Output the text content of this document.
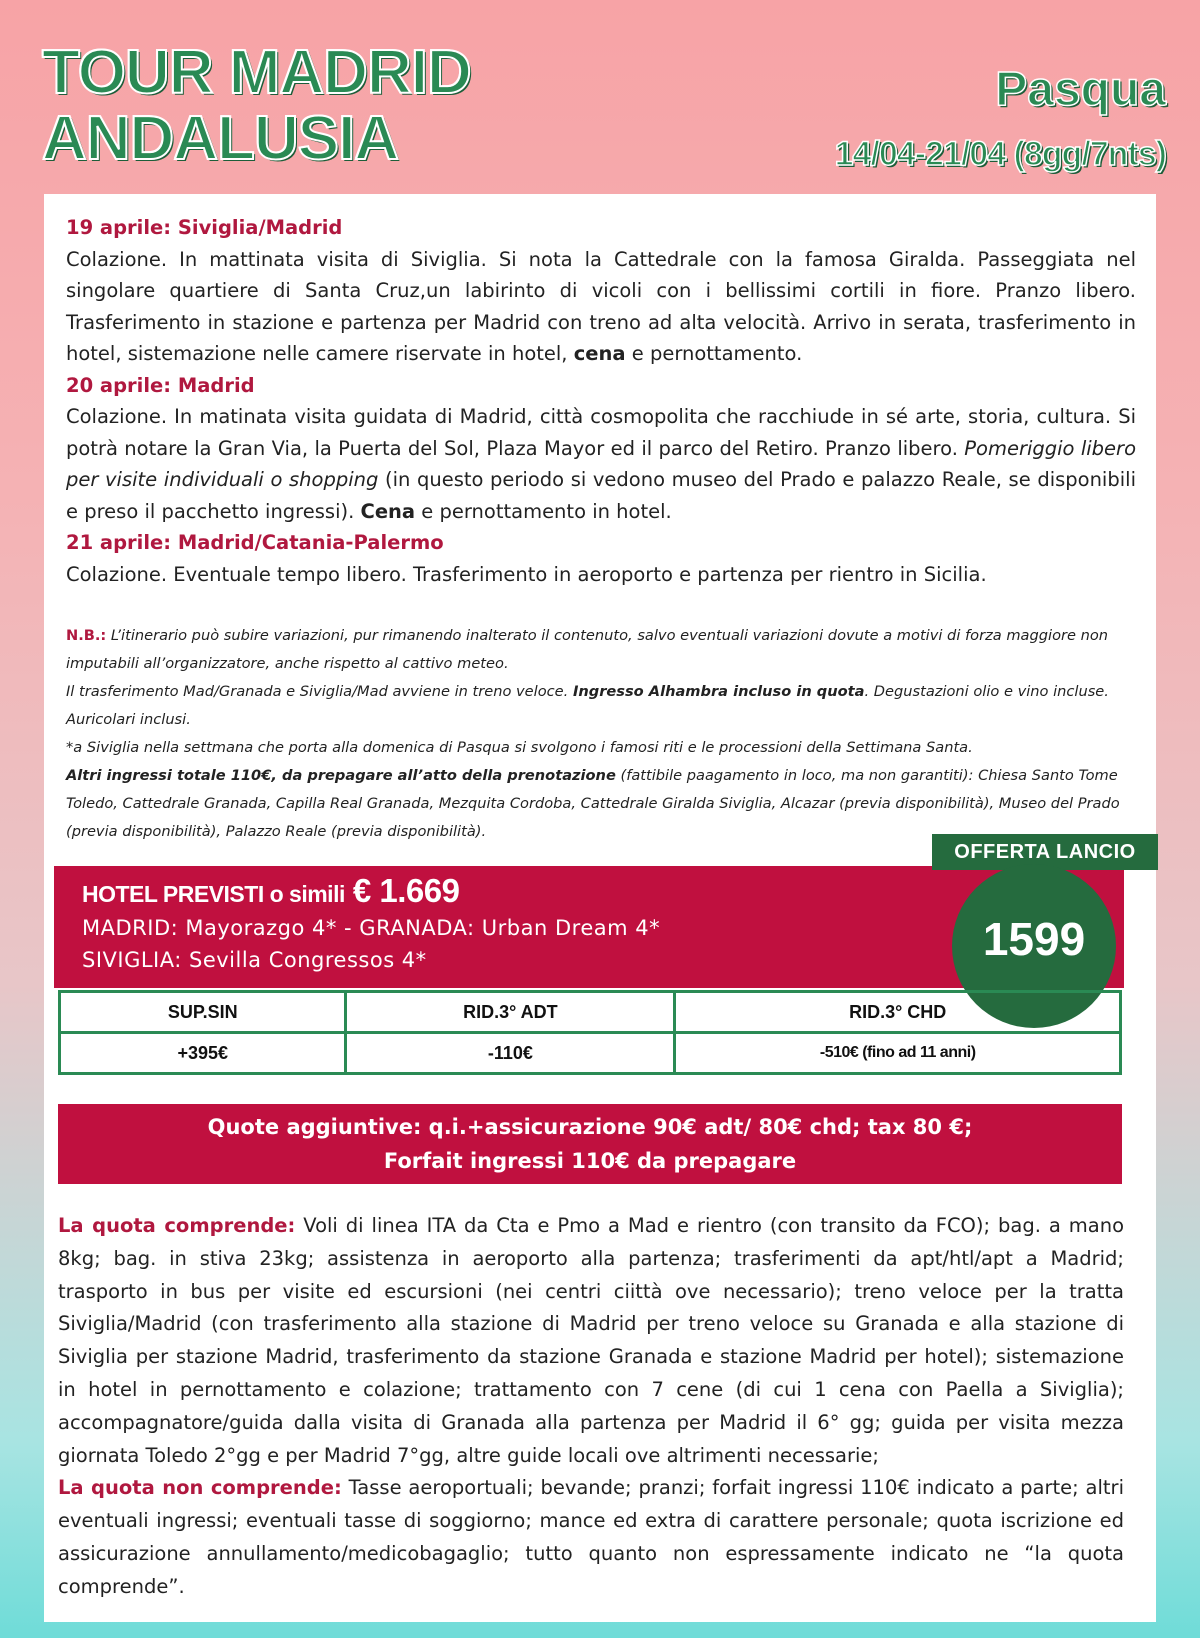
TOUR MADRID
ANDALUSIA
Pasqua
14/04-21/04 (8gg/7nts)
19 aprile: Siviglia/Madrid
Colazione. In mattinata visita di Siviglia. Si nota la Cattedrale con la famosa Giralda. Passeggiata nel singolare quartiere di Santa Cruz,un labirinto di vicoli con i bellissimi cortili in fiore. Pranzo libero. Trasferimento in stazione e partenza per Madrid con treno ad alta velocità. Arrivo in serata, trasferimento in hotel, sistemazione nelle camere riservate in hotel, cena e pernottamento.
20 aprile: Madrid
Colazione. In matinata visita guidata di Madrid, città cosmopolita che racchiude in sé arte, storia, cultura. Si potrà notare la Gran Via, la Puerta del Sol, Plaza Mayor ed il parco del Retiro. Pranzo libero. Pomeriggio libero per visite individuali o shopping (in questo periodo si vedono museo del Prado e palazzo Reale, se disponibili e preso il pacchetto ingressi). Cena e pernottamento in hotel.
21 aprile: Madrid/Catania-Palermo
Colazione. Eventuale tempo libero. Trasferimento in aeroporto e partenza per rientro in Sicilia.
N.B.: L’itinerario può subire variazioni, pur rimanendo inalterato il contenuto, salvo eventuali variazioni dovute a motivi di forza maggiore non imputabili all’organizzatore, anche rispetto al cattivo meteo.
Il trasferimento Mad/Granada e Siviglia/Mad avviene in treno veloce. Ingresso Alhambra incluso in quota. Degustazioni olio e vino incluse. Auricolari inclusi.
*a Siviglia nella settmana che porta alla domenica di Pasqua si svolgono i famosi riti e le processioni della Settimana Santa.
Altri ingressi totale 110€, da prepagare all’atto della prenotazione (fattibile paagamento in loco, ma non garantiti): Chiesa Santo Tome Toledo, Cattedrale Granada, Capilla Real Granada, Mezquita Cordoba, Cattedrale Giralda Siviglia, Alcazar (previa disponibilità), Museo del Prado (previa disponibilità), Palazzo Reale (previa disponibilità).
HOTEL PREVISTI o simili € 1.669
MADRID: Mayorazgo 4* - GRANADA: Urban Dream 4*
SIVIGLIA: Sevilla Congressos 4*
OFFERTA LANCIO
1599
SUP.SIN	RID.3° ADT	RID.3° CHD
+395€	-110€	-510€ (fino ad 11 anni)
Quote aggiuntive: q.i.+assicurazione 90€ adt/ 80€ chd; tax 80 €;
Forfait ingressi 110€ da prepagare
La quota comprende: Voli di linea ITA da Cta e Pmo a Mad e rientro (con transito da FCO); bag. a mano 8kg; bag. in stiva 23kg; assistenza in aeroporto alla partenza; trasferimenti da apt/htl/apt a Madrid; trasporto in bus per visite ed escursioni (nei centri ciittà ove necessario); treno veloce per la tratta Siviglia/Madrid (con trasferimento alla stazione di Madrid per treno veloce su Granada e alla stazione di Siviglia per stazione Madrid, trasferimento da stazione Granada e stazione Madrid per hotel); sistemazione in hotel in pernottamento e colazione; trattamento con 7 cene (di cui 1 cena con Paella a Siviglia); accompagnatore/guida dalla visita di Granada alla partenza per Madrid il 6° gg; guida per visita mezza giornata Toledo 2°gg e per Madrid 7°gg, altre guide locali ove altrimenti necessarie;
La quota non comprende: Tasse aeroportuali; bevande; pranzi; forfait ingressi 110€ indicato a parte; altri eventuali ingressi; eventuali tasse di soggiorno; mance ed extra di carattere personale; quota iscrizione ed assicurazione annullamento/medicobagaglio; tutto quanto non espressamente indicato ne “la quota comprende”.
